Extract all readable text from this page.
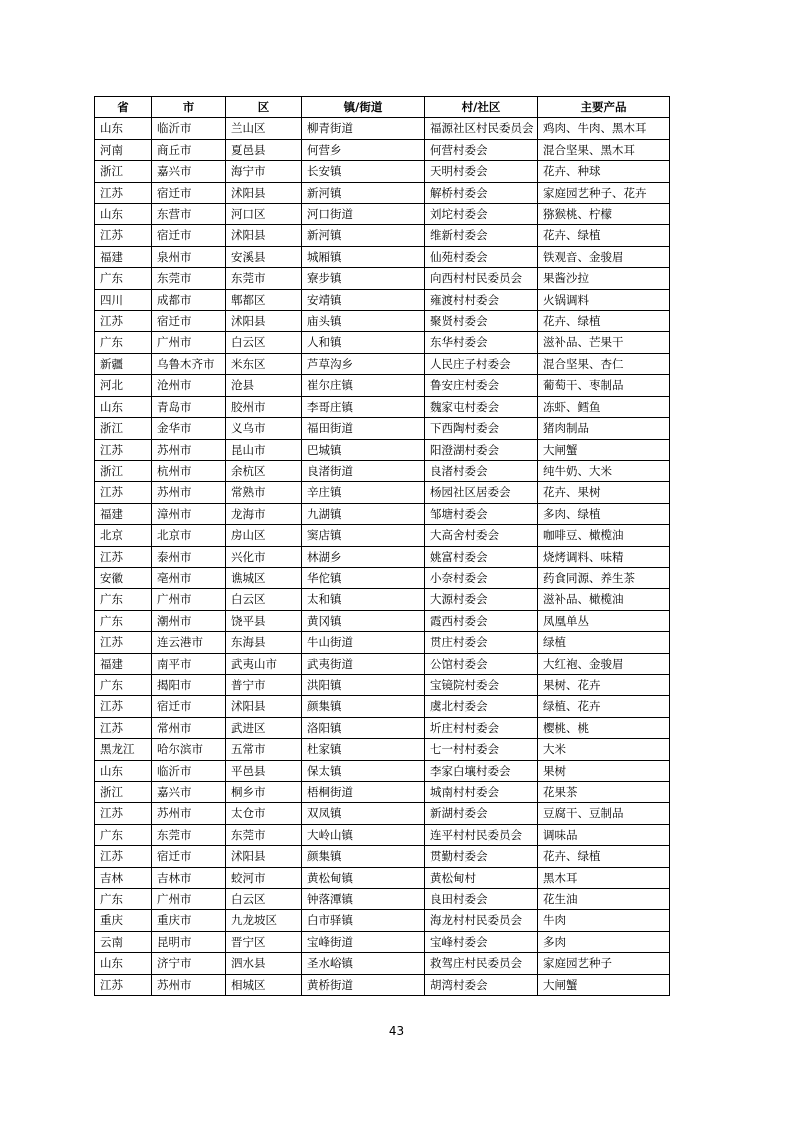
省	市	区	镇/街道	村/社区	主要产品
山东	临沂市	兰山区	柳青街道	福源社区村民委员会	鸡肉、牛肉、黑木耳
河南	商丘市	夏邑县	何营乡	何营村委会	混合坚果、黑木耳
浙江	嘉兴市	海宁市	长安镇	天明村委会	花卉、种球
江苏	宿迁市	沭阳县	新河镇	解桥村委会	家庭园艺种子、花卉
山东	东营市	河口区	河口街道	刘坨村委会	猕猴桃、柠檬
江苏	宿迁市	沭阳县	新河镇	维新村委会	花卉、绿植
福建	泉州市	安溪县	城厢镇	仙苑村委会	铁观音、金骏眉
广东	东莞市	东莞市	寮步镇	向西村村民委员会	果酱沙拉
四川	成都市	郫都区	安靖镇	雍渡村村委会	火锅调料
江苏	宿迁市	沭阳县	庙头镇	聚贤村委会	花卉、绿植
广东	广州市	白云区	人和镇	东华村委会	滋补品、芒果干
新疆	乌鲁木齐市	米东区	芦草沟乡	人民庄子村委会	混合坚果、杏仁
河北	沧州市	沧县	崔尔庄镇	鲁安庄村委会	葡萄干、枣制品
山东	青岛市	胶州市	李哥庄镇	魏家屯村委会	冻虾、鳕鱼
浙江	金华市	义乌市	福田街道	下西陶村委会	猪肉制品
江苏	苏州市	昆山市	巴城镇	阳澄湖村委会	大闸蟹
浙江	杭州市	余杭区	良渚街道	良渚村委会	纯牛奶、大米
江苏	苏州市	常熟市	辛庄镇	杨园社区居委会	花卉、果树
福建	漳州市	龙海市	九湖镇	邹塘村委会	多肉、绿植
北京	北京市	房山区	窦店镇	大高舍村委会	咖啡豆、橄榄油
江苏	泰州市	兴化市	林湖乡	姚富村委会	烧烤调料、味精
安徽	亳州市	谯城区	华佗镇	小奈村委会	药食同源、养生茶
广东	广州市	白云区	太和镇	大源村委会	滋补品、橄榄油
广东	潮州市	饶平县	黄冈镇	霞西村委会	凤凰单丛
江苏	连云港市	东海县	牛山街道	贯庄村委会	绿植
福建	南平市	武夷山市	武夷街道	公馆村委会	大红袍、金骏眉
广东	揭阳市	普宁市	洪阳镇	宝镜院村委会	果树、花卉
江苏	宿迁市	沭阳县	颜集镇	虞北村委会	绿植、花卉
江苏	常州市	武进区	洛阳镇	圻庄村村委会	樱桃、桃
黑龙江	哈尔滨市	五常市	杜家镇	七一村村委会	大米
山东	临沂市	平邑县	保太镇	李家白壤村委会	果树
浙江	嘉兴市	桐乡市	梧桐街道	城南村村委会	花果茶
江苏	苏州市	太仓市	双凤镇	新湖村委会	豆腐干、豆制品
广东	东莞市	东莞市	大岭山镇	连平村村民委员会	调味品
江苏	宿迁市	沭阳县	颜集镇	贯勤村委会	花卉、绿植
吉林	吉林市	蛟河市	黄松甸镇	黄松甸村	黑木耳
广东	广州市	白云区	钟落潭镇	良田村委会	花生油
重庆	重庆市	九龙坡区	白市驿镇	海龙村村民委员会	牛肉
云南	昆明市	晋宁区	宝峰街道	宝峰村委会	多肉
山东	济宁市	泗水县	圣水峪镇	救驾庄村民委员会	家庭园艺种子
江苏	苏州市	相城区	黄桥街道	胡湾村委会	大闸蟹
43
